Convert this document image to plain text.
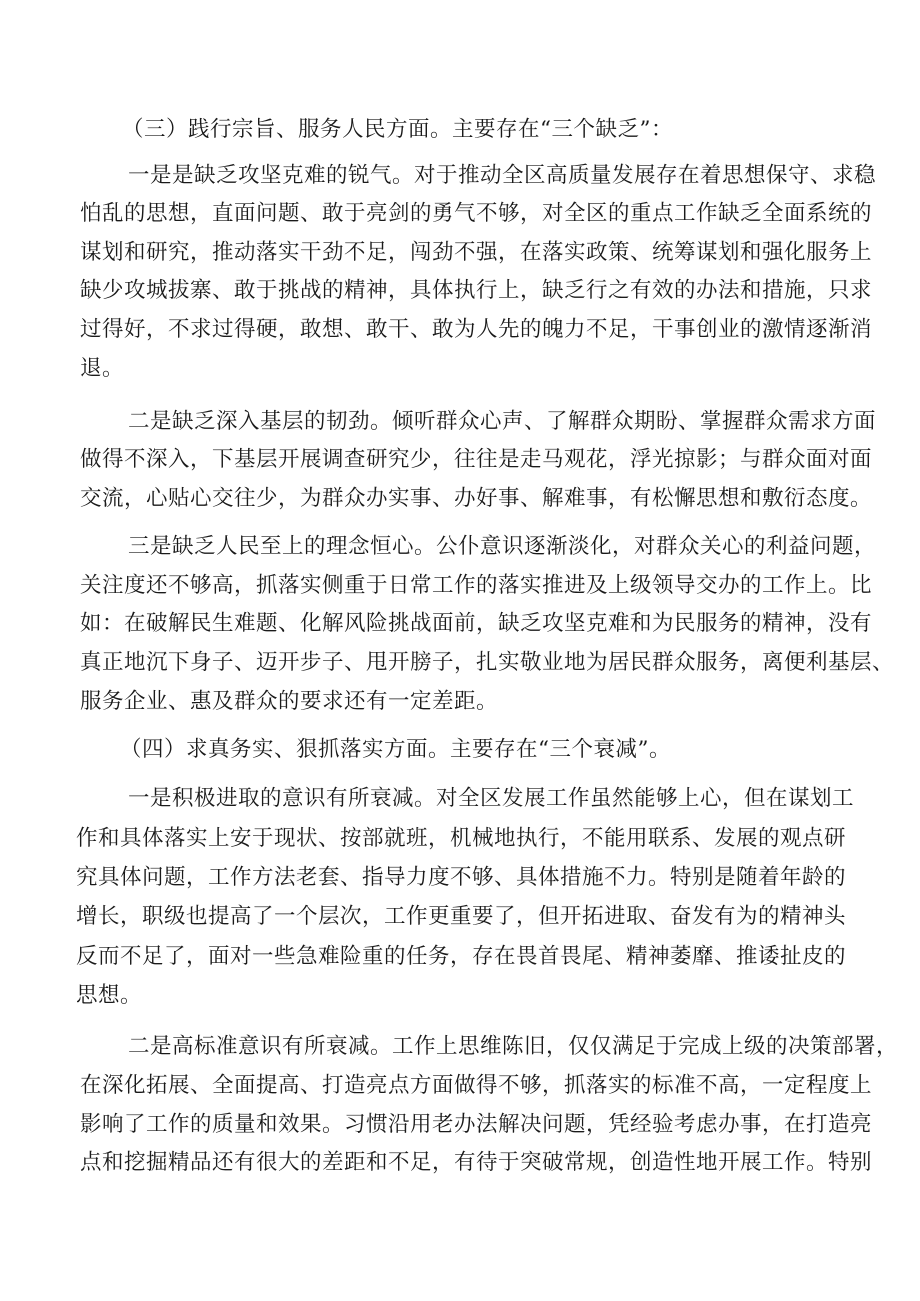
（三）践行宗旨、服务人民方面。主要存在“三个缺乏”：
一是是缺乏攻坚克难的锐气。对于推动全区高质量发展存在着思想保守、求稳
怕乱的思想，直面问题、敢于亮剑的勇气不够，对全区的重点工作缺乏全面系统的
谋划和研究，推动落实干劲不足，闯劲不强，在落实政策、统筹谋划和强化服务上
缺少攻城拔寨、敢于挑战的精神，具体执行上，缺乏行之有效的办法和措施，只求
过得好，不求过得硬，敢想、敢干、敢为人先的魄力不足，干事创业的激情逐渐消
退。
二是缺乏深入基层的韧劲。倾听群众心声、了解群众期盼、掌握群众需求方面
做得不深入，下基层开展调查研究少，往往是走马观花，浮光掠影；与群众面对面
交流，心贴心交往少，为群众办实事、办好事、解难事，有松懈思想和敷衍态度。
三是缺乏人民至上的理念恒心。公仆意识逐渐淡化，对群众关心的利益问题，
关注度还不够高，抓落实侧重于日常工作的落实推进及上级领导交办的工作上。比
如：在破解民生难题、化解风险挑战面前，缺乏攻坚克难和为民服务的精神，没有
真正地沉下身子、迈开步子、甩开膀子，扎实敬业地为居民群众服务，离便利基层、
服务企业、惠及群众的要求还有一定差距。
（四）求真务实、狠抓落实方面。主要存在“三个衰减”。
一是积极进取的意识有所衰减。对全区发展工作虽然能够上心，但在谋划工
作和具体落实上安于现状、按部就班，机械地执行，不能用联系、发展的观点研
究具体问题，工作方法老套、指导力度不够、具体措施不力。特别是随着年龄的
增长，职级也提高了一个层次，工作更重要了，但开拓进取、奋发有为的精神头
反而不足了，面对一些急难险重的任务，存在畏首畏尾、精神萎靡、推诿扯皮的
思想。
二是高标准意识有所衰减。工作上思维陈旧，仅仅满足于完成上级的决策部署，
在深化拓展、全面提高、打造亮点方面做得不够，抓落实的标准不高，一定程度上
影响了工作的质量和效果。习惯沿用老办法解决问题，凭经验考虑办事，在打造亮
点和挖掘精品还有很大的差距和不足，有待于突破常规，创造性地开展工作。特别
